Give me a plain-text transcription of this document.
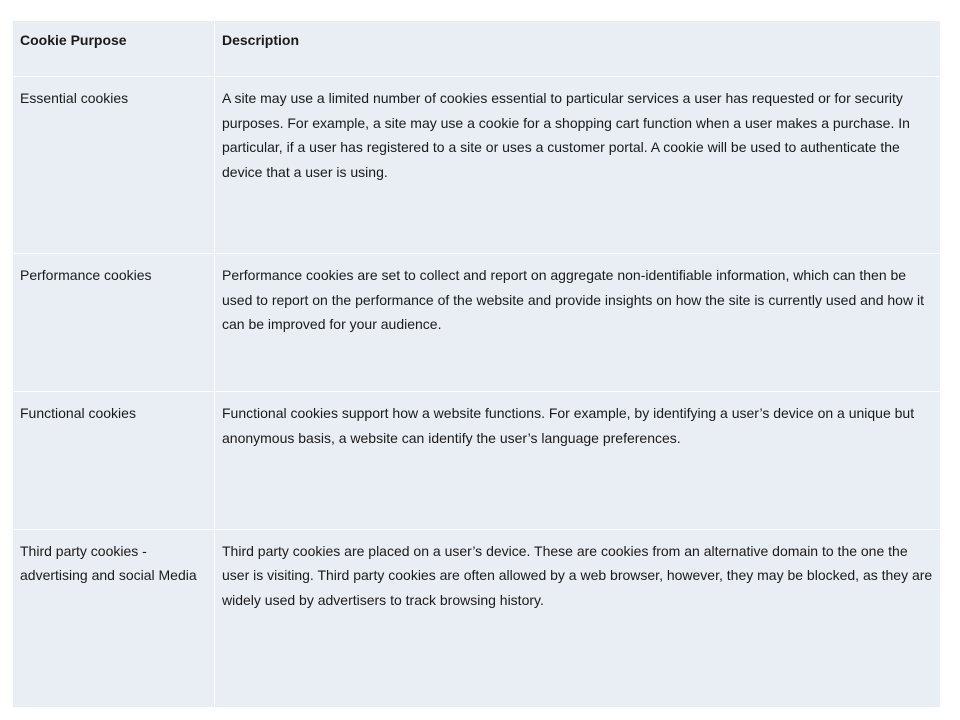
Cookie Purpose	Description
Essential cookies	A site may use a limited number of cookies essential to particular services a user has requested or for security purposes. For example, a site may use a cookie for a shopping cart function when a user makes a purchase. In particular, if a user has registered to a site or uses a customer portal. A cookie will be used to authenticate the device that a user is using.
Performance cookies	Performance cookies are set to collect and report on aggregate non-identifiable information, which can then be used to report on the performance of the website and provide insights on how the site is currently used and how it can be improved for your audience.
Functional cookies	Functional cookies support how a website functions. For example, by identifying a user’s device on a unique but anonymous basis, a website can identify the user’s language preferences.
Third party cookies - advertising and social Media	Third party cookies are placed on a user’s device. These are cookies from an alternative domain to the one the user is visiting. Third party cookies are often allowed by a web browser, however, they may be blocked, as they are widely used by advertisers to track browsing history.
